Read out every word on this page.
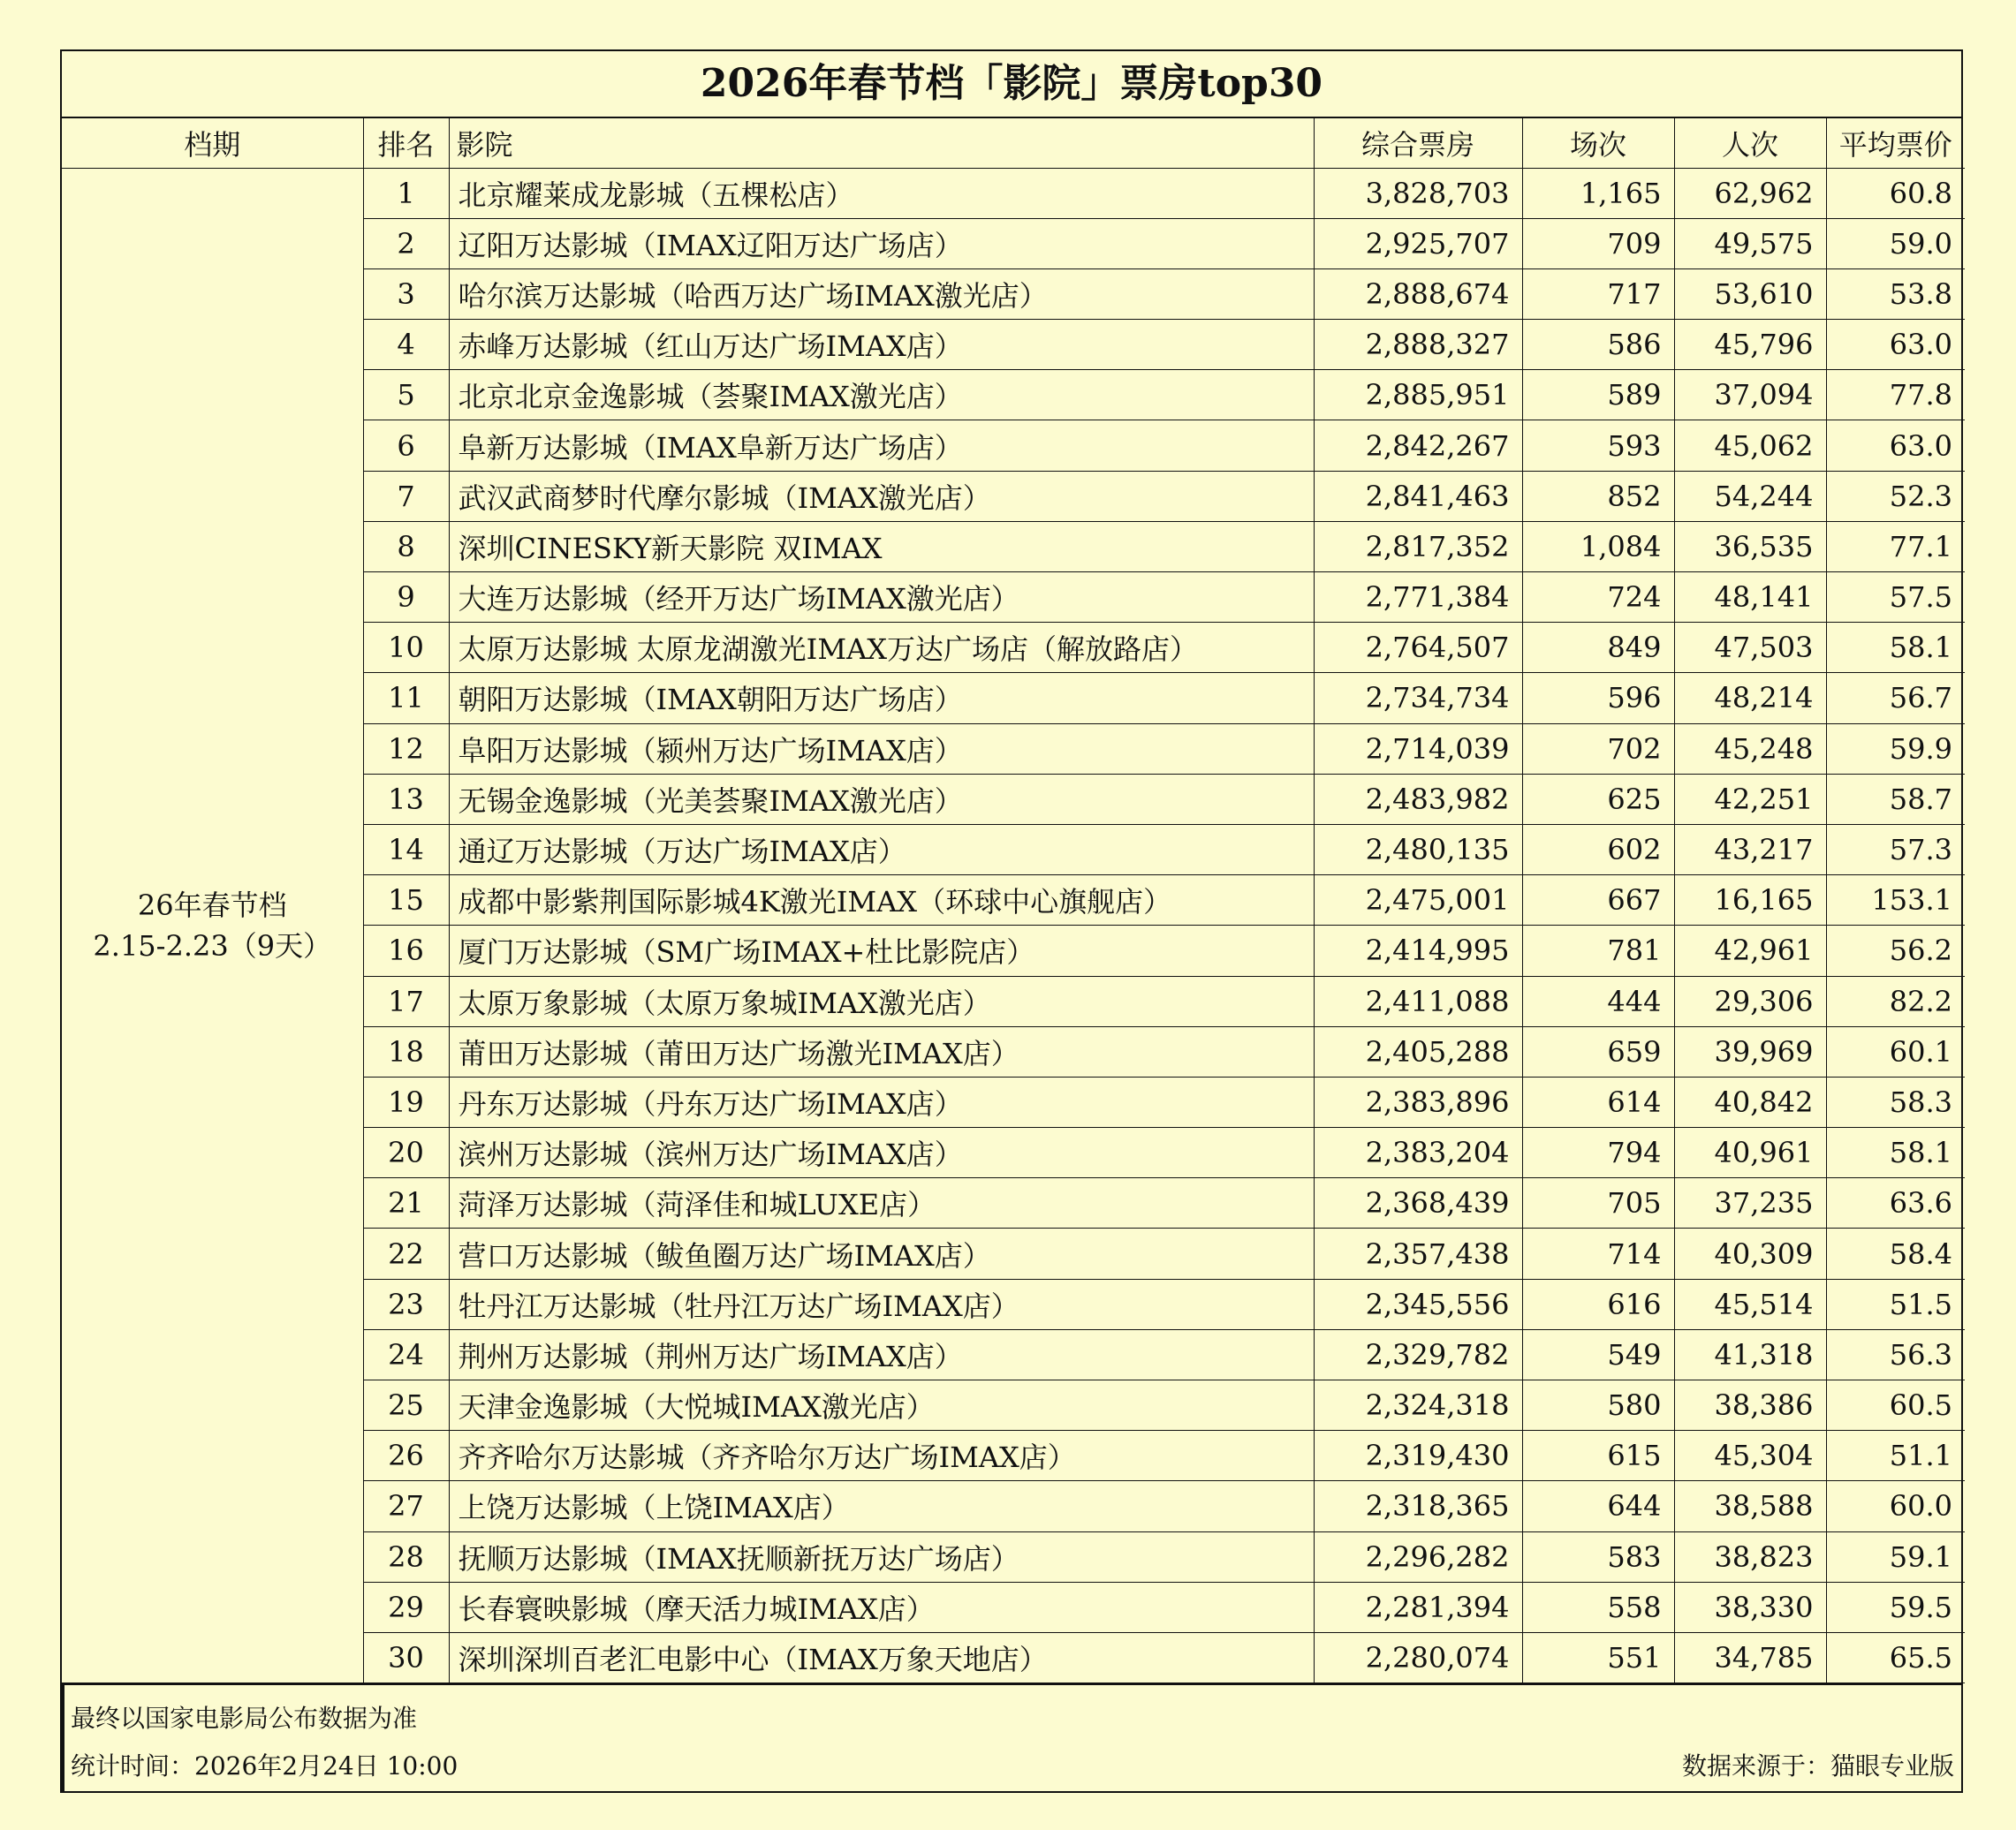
2026年春节档「影院」票房top30
档期	排名	影院	综合票房	场次	人次	平均票价

26年春节档
2.15-2.23（9天）	1	北京耀莱成龙影城（五棵松店）	3,828,703	1,165	62,962	60.8
	2	辽阳万达影城（IMAX辽阳万达广场店）	2,925,707	709	49,575	59.0
	3	哈尔滨万达影城（哈西万达广场IMAX激光店）	2,888,674	717	53,610	53.8
	4	赤峰万达影城（红山万达广场IMAX店）	2,888,327	586	45,796	63.0
	5	北京北京金逸影城（荟聚IMAX激光店）	2,885,951	589	37,094	77.8
	6	阜新万达影城（IMAX阜新万达广场店）	2,842,267	593	45,062	63.0
	7	武汉武商梦时代摩尔影城（IMAX激光店）	2,841,463	852	54,244	52.3
	8	深圳CINESKY新天影院 双IMAX	2,817,352	1,084	36,535	77.1
	9	大连万达影城（经开万达广场IMAX激光店）	2,771,384	724	48,141	57.5
	10	太原万达影城 太原龙湖激光IMAX万达广场店（解放路店）	2,764,507	849	47,503	58.1
	11	朝阳万达影城（IMAX朝阳万达广场店）	2,734,734	596	48,214	56.7
	12	阜阳万达影城（颍州万达广场IMAX店）	2,714,039	702	45,248	59.9
	13	无锡金逸影城（光美荟聚IMAX激光店）	2,483,982	625	42,251	58.7
	14	通辽万达影城（万达广场IMAX店）	2,480,135	602	43,217	57.3
	15	成都中影紫荆国际影城4K激光IMAX（环球中心旗舰店）	2,475,001	667	16,165	153.1
	16	厦门万达影城（SM广场IMAX+杜比影院店）	2,414,995	781	42,961	56.2
	17	太原万象影城（太原万象城IMAX激光店）	2,411,088	444	29,306	82.2
	18	莆田万达影城（莆田万达广场激光IMAX店）	2,405,288	659	39,969	60.1
	19	丹东万达影城（丹东万达广场IMAX店）	2,383,896	614	40,842	58.3
	20	滨州万达影城（滨州万达广场IMAX店）	2,383,204	794	40,961	58.1
	21	菏泽万达影城（菏泽佳和城LUXE店）	2,368,439	705	37,235	63.6
	22	营口万达影城（鲅鱼圈万达广场IMAX店）	2,357,438	714	40,309	58.4
	23	牡丹江万达影城（牡丹江万达广场IMAX店）	2,345,556	616	45,514	51.5
	24	荆州万达影城（荆州万达广场IMAX店）	2,329,782	549	41,318	56.3
	25	天津金逸影城（大悦城IMAX激光店）	2,324,318	580	38,386	60.5
	26	齐齐哈尔万达影城（齐齐哈尔万达广场IMAX店）	2,319,430	615	45,304	51.1
	27	上饶万达影城（上饶IMAX店）	2,318,365	644	38,588	60.0
	28	抚顺万达影城（IMAX抚顺新抚万达广场店）	2,296,282	583	38,823	59.1
	29	长春寰映影城（摩天活力城IMAX店）	2,281,394	558	38,330	59.5
	30	深圳深圳百老汇电影中心（IMAX万象天地店）	2,280,074	551	34,785	65.5
最终以国家电影局公布数据为准
统计时间：2026年2月24日 10:00	数据来源于：猫眼专业版
